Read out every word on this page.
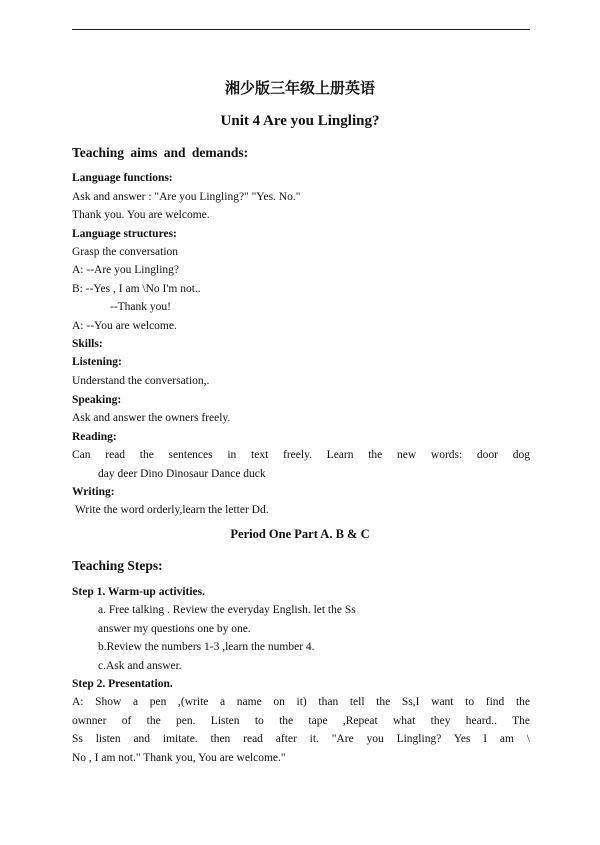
湘少版三年级上册英语
Unit 4 Are you Lingling?
Teaching aims and demands:
Language functions:
Ask and answer : "Are you Lingling?" "Yes. No."
Thank you. You are welcome.
Language structures:
Grasp the conversation
A: --Are you Lingling?
B: --Yes , I am \No I'm not..
--Thank you!
A: --You are welcome.
Skills:
Listening:
Understand the conversation,.
Speaking:
Ask and answer the owners freely.
Reading:
Can read the sentences in text freely. Learn the new words: door dog
day deer Dino Dinosaur Dance duck
Writing:
Write the word orderly,learn the letter Dd.
Period One Part A. B & C
Teaching Steps:
Step 1. Warm-up activities.
a. Free talking . Review the everyday English. let the Ss
answer my questions one by one.
b.Review the numbers 1-3 ,learn the number 4.
c.Ask and answer.
Step 2. Presentation.
A: Show a pen ,(write a name on it) than tell the Ss,I want to find the
ownner of the pen. Listen to the tape ,Repeat what they heard.. The
Ss listen and imitate. then read after it. "Are you Lingling? Yes I am \
No , I am not." Thank you, You are welcome."
